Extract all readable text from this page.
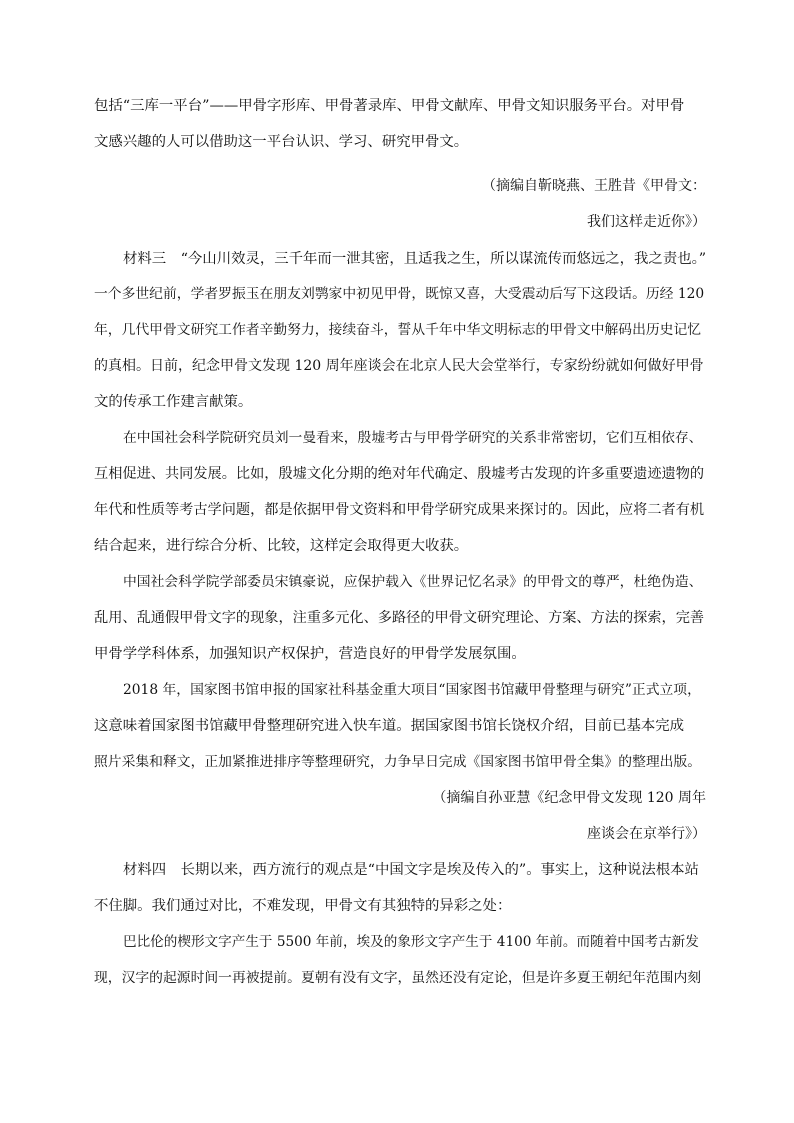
包括“三库一平台”——甲骨字形库、甲骨著录库、甲骨文献库、甲骨文知识服务平台。对甲骨
文感兴趣的人可以借助这一平台认识、学习、研究甲骨文。
（摘编自靳晓燕、王胜昔《甲骨文：
我们这样走近你》）
材料三　“今山川效灵，三千年而一泄其密，且适我之生，所以谋流传而悠远之，我之责也。”
一个多世纪前，学者罗振玉在朋友刘鹗家中初见甲骨，既惊又喜，大受震动后写下这段话。历经 120
年，几代甲骨文研究工作者辛勤努力，接续奋斗，誓从千年中华文明标志的甲骨文中解码出历史记忆
的真相。日前，纪念甲骨文发现 120 周年座谈会在北京人民大会堂举行，专家纷纷就如何做好甲骨
文的传承工作建言献策。
在中国社会科学院研究员刘一曼看来，殷墟考古与甲骨学研究的关系非常密切，它们互相依存、
互相促进、共同发展。比如，殷墟文化分期的绝对年代确定、殷墟考古发现的许多重要遗迹遗物的
年代和性质等考古学问题，都是依据甲骨文资料和甲骨学研究成果来探讨的。因此，应将二者有机
结合起来，进行综合分析、比较，这样定会取得更大收获。
中国社会科学院学部委员宋镇豪说，应保护载入《世界记忆名录》的甲骨文的尊严，杜绝伪造、
乱用、乱通假甲骨文字的现象，注重多元化、多路径的甲骨文研究理论、方案、方法的探索，完善
甲骨学学科体系，加强知识产权保护，营造良好的甲骨学发展氛围。
2018 年，国家图书馆申报的国家社科基金重大项目“国家图书馆藏甲骨整理与研究”正式立项，
这意味着国家图书馆藏甲骨整理研究进入快车道。据国家图书馆长饶权介绍，目前已基本完成
照片采集和释文，正加紧推进排序等整理研究，力争早日完成《国家图书馆甲骨全集》的整理出版。
（摘编自孙亚慧《纪念甲骨文发现 120 周年
座谈会在京举行》）
材料四　长期以来，西方流行的观点是“中国文字是埃及传入的”。事实上，这种说法根本站
不住脚。我们通过对比，不难发现，甲骨文有其独特的异彩之处：
巴比伦的楔形文字产生于 5500 年前，埃及的象形文字产生于 4100 年前。而随着中国考古新发
现，汉字的起源时间一再被提前。夏朝有没有文字，虽然还没有定论，但是许多夏王朝纪年范围内刻
